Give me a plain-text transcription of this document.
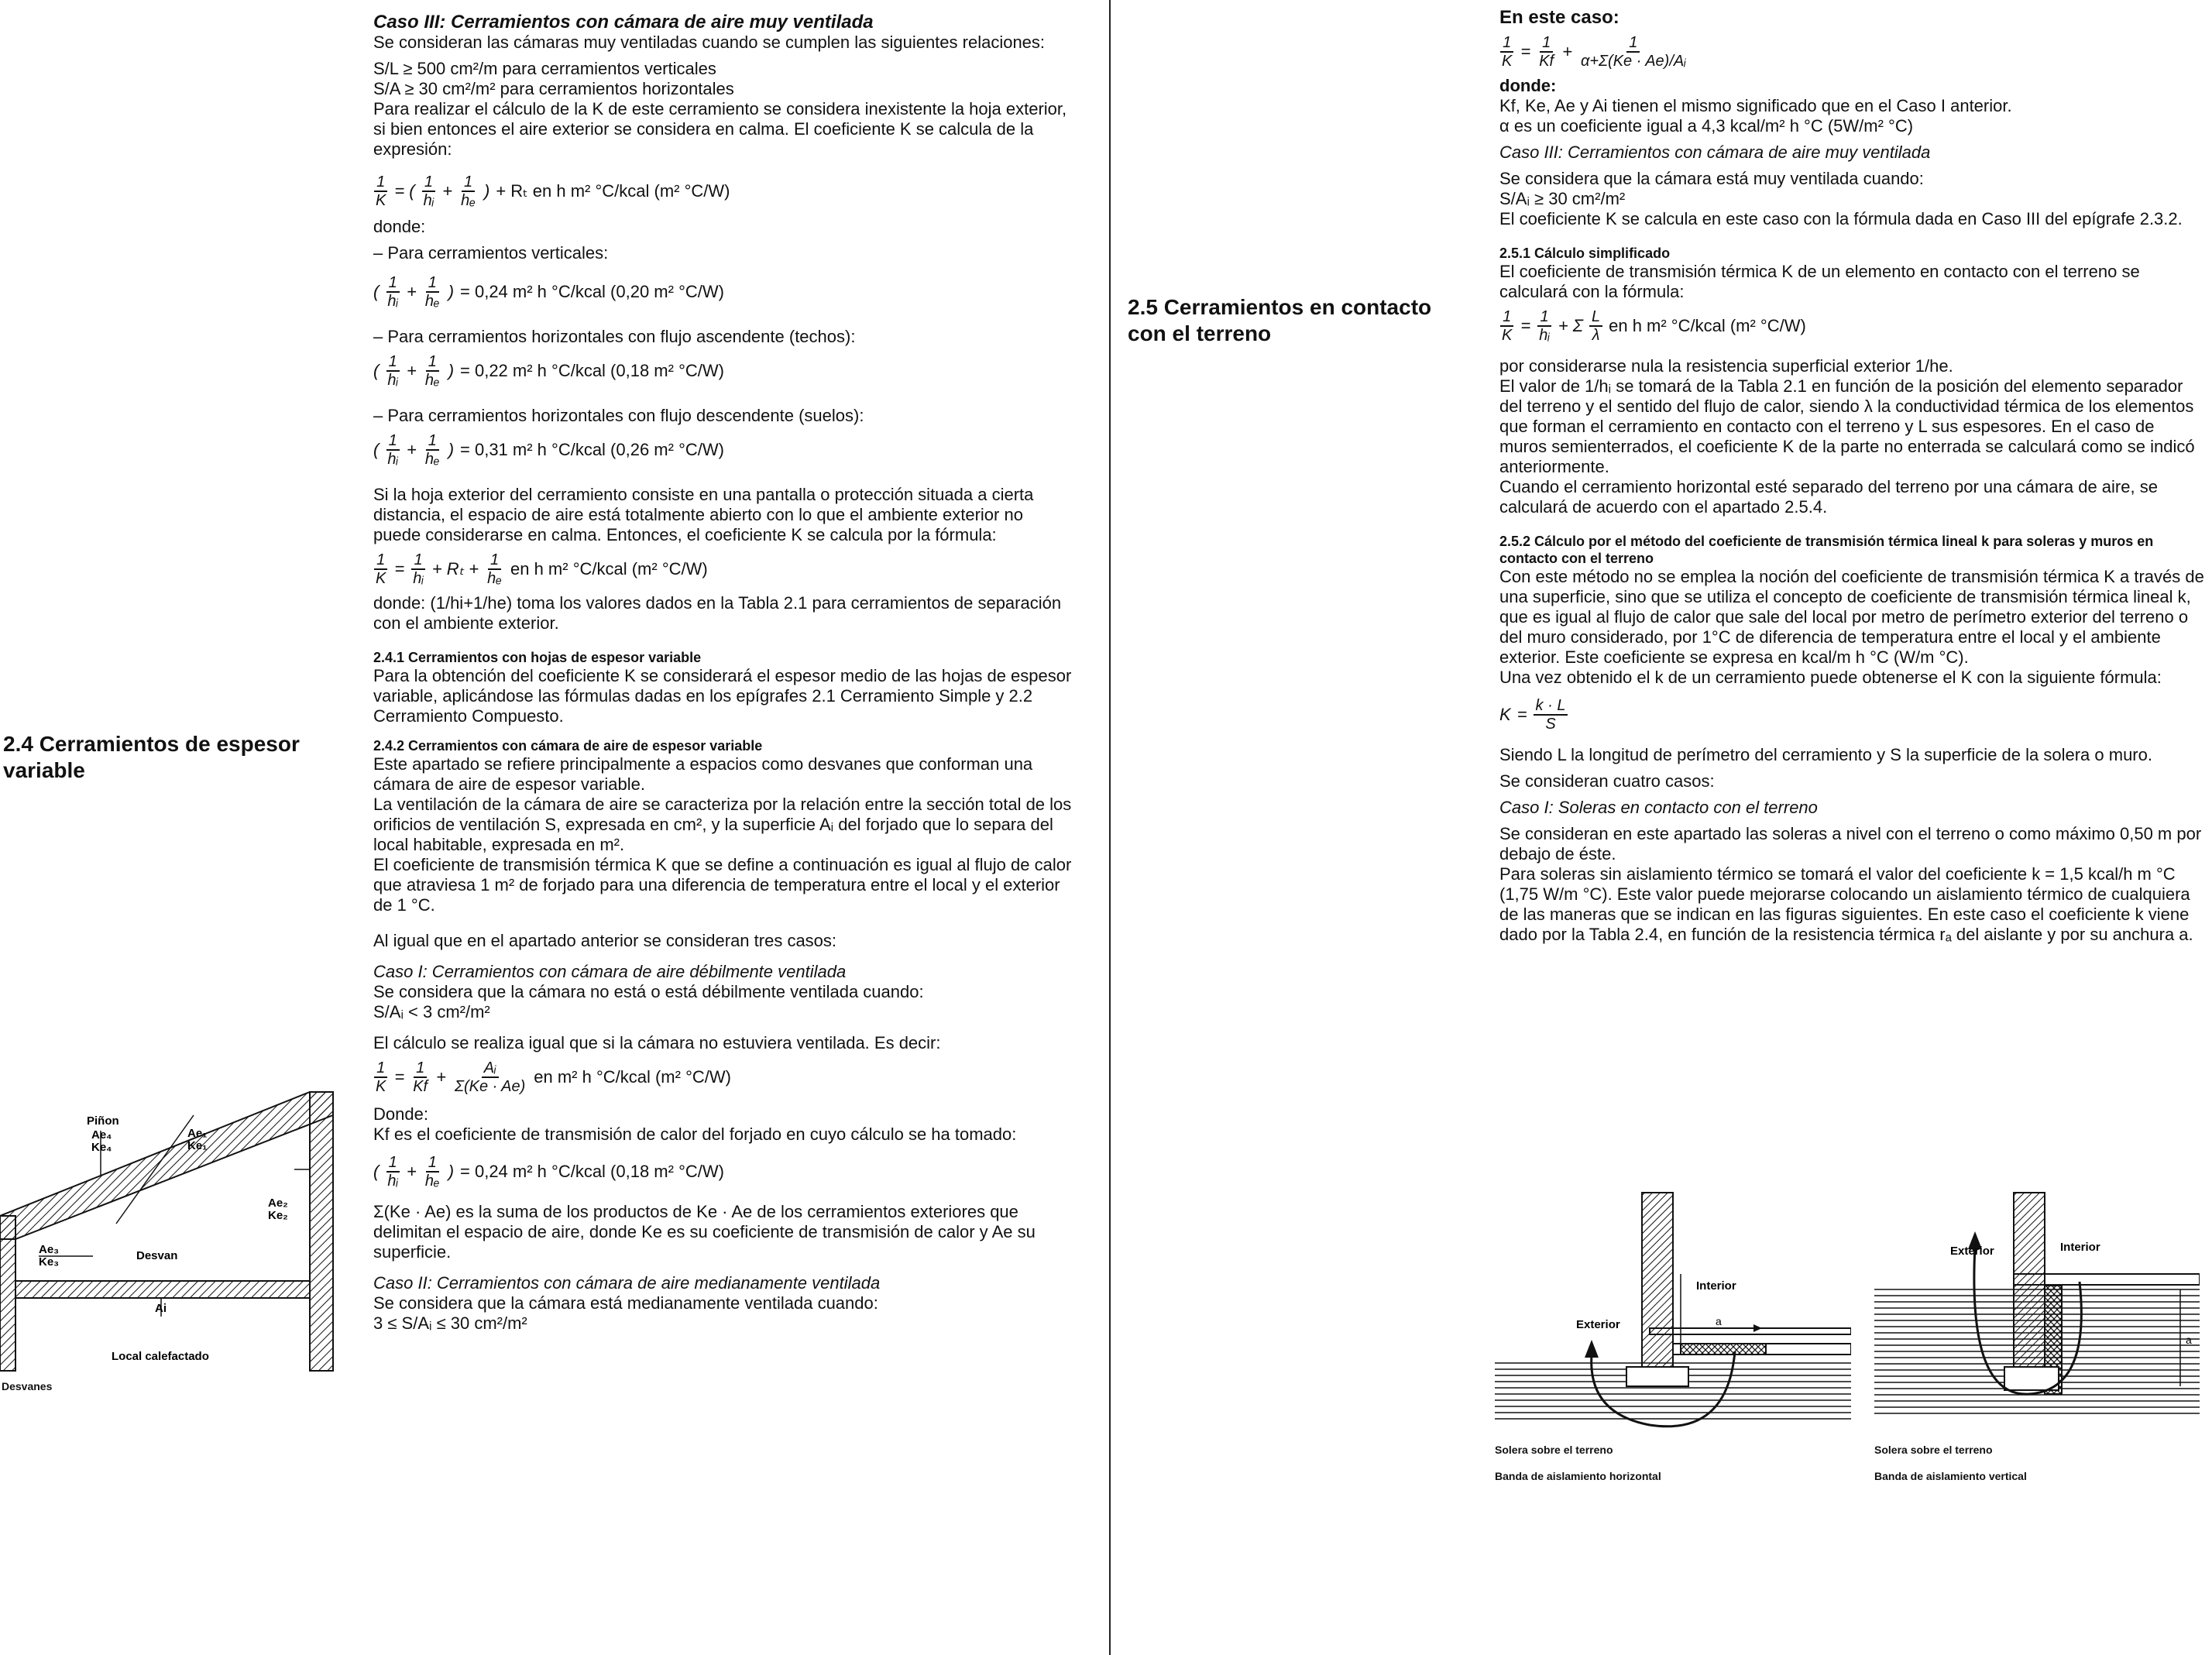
2.4 Cerramientos de espesor variable

Piñon
Ae₄
Ke₄
Ae₁
Ke₁
Ae₂
Ke₂
Ae₃
Ke₃	Desvan
Ai
Local calefactado

Desvanes

Caso III: Cerramientos con cámara de aire muy ventilada

Se consideran las cámaras muy ventiladas cuando se cumplen las siguientes relaciones:

S/L ≥ 500 cm²/m para cerramientos verticales

S/A ≥ 30 cm²/m² para cerramientos horizontales

Para realizar el cálculo de la K de este cerramiento se considera inexistente la hoja exterior, si bien entonces el aire exterior se considera en calma. El coeficiente K se calcula de la expresión:

$\frac{1}{K}$ = ( $\frac{1}{\text{hᵢ}} + \frac{1}{\text{hₑ}}$ ) + Rₜ en h m² °C/kcal (m² °C/W)

donde:

– Para cerramientos verticales:

( $\frac{1}{\text{hᵢ}} + \frac{1}{\text{hₑ}}$ ) = 0,24 m² h °C/kcal (0,20 m² °C/W)

– Para cerramientos horizontales con flujo ascendente (techos):

( $\frac{1}{\text{hᵢ}} + \frac{1}{\text{hₑ}}$ ) = 0,22 m² h °C/kcal (0,18 m² °C/W)

– Para cerramientos horizontales con flujo descendente (suelos):

( $\frac{1}{\text{hᵢ}} + \frac{1}{\text{hₑ}}$ ) = 0,31 m² h °C/kcal (0,26 m² °C/W)

Si la hoja exterior del cerramiento consiste en una pantalla o protección situada a cierta distancia, el espacio de aire está totalmente abierto con lo que el ambiente exterior no puede considerarse en calma. Entonces, el coeficiente K se calcula por la fórmula:

$\frac{1}{K} = \frac{1}{\text{hᵢ}} + R_t + \frac{1}{\text{hₑ}}$ en h m² °C/kcal (m² °C/W)

donde: (1/hi+1/he) toma los valores dados en la Tabla 2.1 para cerramientos de separación con el ambiente exterior.

2.4.1 Cerramientos con hojas de espesor variable

Para la obtención del coeficiente K se considerará el espesor medio de las hojas de espesor variable, aplicándose las fórmulas dadas en los epígrafes 2.1 Cerramiento Simple y 2.2 Cerramiento Compuesto.

2.4.2 Cerramientos con cámara de aire de espesor variable

Este apartado se refiere principalmente a espacios como desvanes que conforman una cámara de aire de espesor variable.

La ventilación de la cámara de aire se caracteriza por la relación entre la sección total de los orificios de ventilación S, expresada en cm², y la superficie Aᵢ del forjado que lo separa del local habitable, expresada en m².

El coeficiente de transmisión térmica K que se define a continuación es igual al flujo de calor que atraviesa 1 m² de forjado para una diferencia de temperatura entre el local y el exterior de 1 °C.

Al igual que en el apartado anterior se consideran tres casos:

Caso I: Cerramientos con cámara de aire débilmente ventilada

Se considera que la cámara no está o está débilmente ventilada cuando:

S/Aᵢ < 3 cm²/m²

El cálculo se realiza igual que si la cámara no estuviera ventilada. Es decir:

$\frac{1}{K} = \frac{1}{Kf} + \frac{\text{Aᵢ}}{\Sigma(Ke \cdot Ae)}$ en m² h °C/kcal (m² °C/W)

Donde:

Kf es el coeficiente de transmisión de calor del forjado en cuyo cálculo se ha tomado:

( $\frac{1}{\text{hᵢ}} + \frac{1}{\text{hₑ}}$ ) = 0,24 m² h °C/kcal (0,18 m² °C/W)

Σ(Ke · Ae) es la suma de los productos de Ke · Ae de los cerramientos exteriores que delimitan el espacio de aire, donde Ke es su coeficiente de transmisión de calor y Ae su superficie.

Caso II: Cerramientos con cámara de aire medianamente ventilada

Se considera que la cámara está medianamente ventilada cuando:

3 ≤ S/Aᵢ ≤ 30 cm²/m²

2.5 Cerramientos en contacto con el terreno

En este caso:

$\frac{1}{K} = \frac{1}{Kf} + \frac{1}{\text{α+Σ(Ke · Ae)/Aᵢ}}$

donde:

Kf, Ke, Ae y Ai tienen el mismo significado que en el Caso I anterior.

α es un coeficiente igual a 4,3 kcal/m² h °C (5W/m² °C)

Caso III: Cerramientos con cámara de aire muy ventilada

Se considera que la cámara está muy ventilada cuando:

S/Aᵢ ≥ 30 cm²/m²

El coeficiente K se calcula en este caso con la fórmula dada en Caso III del epígrafe 2.3.2.

2.5.1 Cálculo simplificado

El coeficiente de transmisión térmica K de un elemento en contacto con el terreno se calculará con la fórmula:

$\frac{1}{K} = \frac{1}{\text{hᵢ}} + \Sigma \frac{L}{\lambda}$ en h m² °C/kcal (m² °C/W)

por considerarse nula la resistencia superficial exterior 1/he.

El valor de 1/hᵢ se tomará de la Tabla 2.1 en función de la posición del elemento separador del terreno y el sentido del flujo de calor, siendo λ la conductividad térmica de los elementos que forman el cerramiento en contacto con el terreno y L sus espesores. En el caso de muros semienterrados, el coeficiente K de la parte no enterrada se calculará como se indicó anteriormente.

Cuando el cerramiento horizontal esté separado del terreno por una cámara de aire, se calculará de acuerdo con el apartado 2.5.4.

2.5.2 Cálculo por el método del coeficiente de transmisión térmica lineal k para soleras y muros en contacto con el terreno

Con este método no se emplea la noción del coeficiente de transmisión térmica K a través de una superficie, sino que se utiliza el concepto de coeficiente de transmisión térmica lineal k, que es igual al flujo de calor que sale del local por metro de perímetro exterior del terreno o del muro considerado, por 1°C de diferencia de temperatura entre el local y el ambiente exterior. Este coeficiente se expresa en kcal/m h °C (W/m °C).

Una vez obtenido el k de un cerramiento puede obtenerse el K con la siguiente fórmula:

$K = \frac{k \cdot L}{S}$

Siendo L la longitud de perímetro del cerramiento y S la superficie de la solera o muro.

Se consideran cuatro casos:

Caso I: Soleras en contacto con el terreno

Se consideran en este apartado las soleras a nivel con el terreno o como máximo 0,50 m por debajo de éste.

Para soleras sin aislamiento térmico se tomará el valor del coeficiente k = 1,5 kcal/h m °C (1,75 W/m °C). Este valor puede mejorarse colocando un aislamiento térmico de cualquiera de las maneras que se indican en las figuras siguientes. En este caso el coeficiente k viene dado por la Tabla 2.4, en función de la resistencia térmica rₐ del aislante y por su anchura a.

a
Interior
Exterior

Solera sobre el terreno

Banda de aislamiento horizontal

a
Interior
Exterior

Solera sobre el terreno

Banda de aislamiento vertical
